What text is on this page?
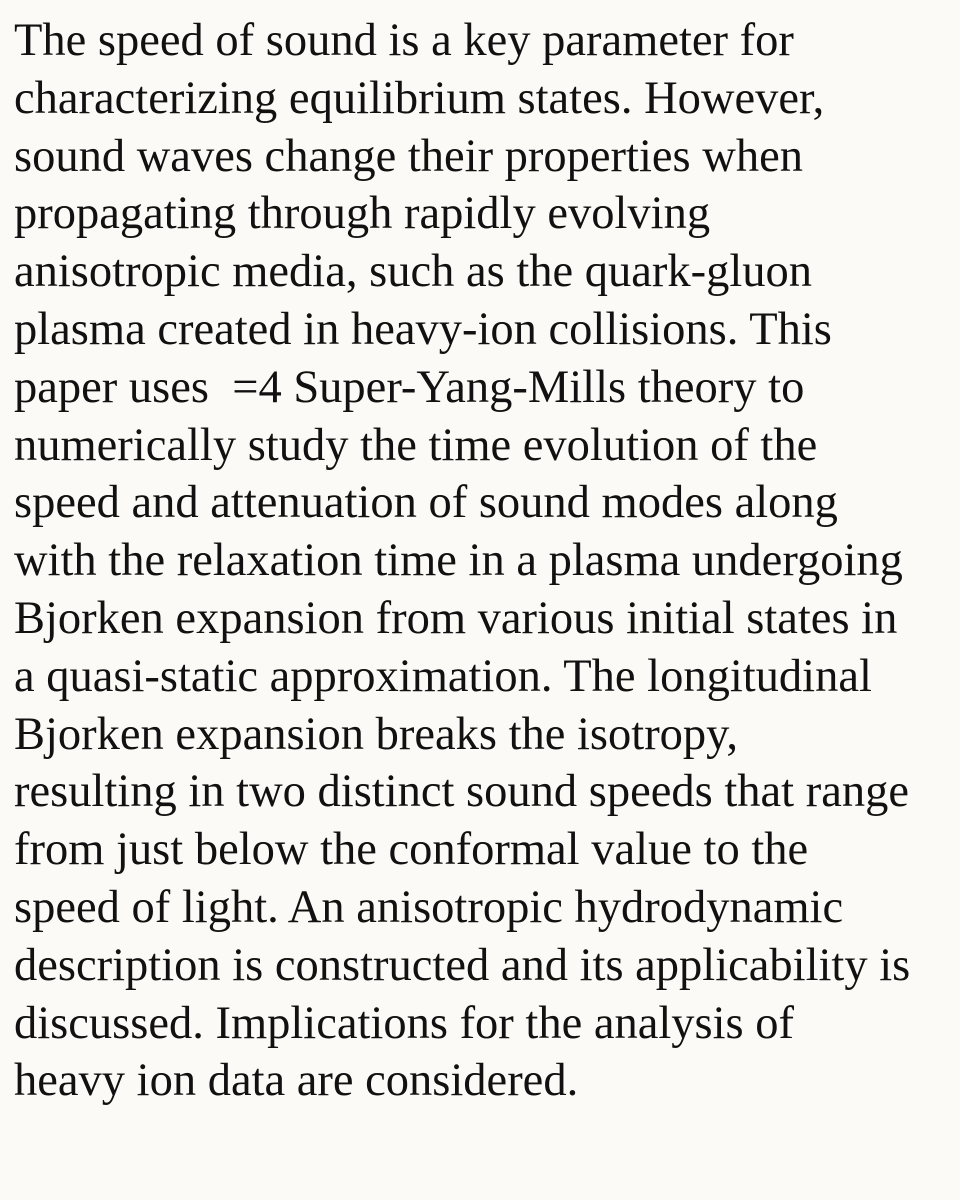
The speed of sound is a key parameter for
characterizing equilibrium states. However,
sound waves change their properties when
propagating through rapidly evolving
anisotropic media, such as the quark-gluon
plasma created in heavy-ion collisions. This
paper uses  =4 Super-Yang-Mills theory to
numerically study the time evolution of the
speed and attenuation of sound modes along
with the relaxation time in a plasma undergoing
Bjorken expansion from various initial states in
a quasi-static approximation. The longitudinal
Bjorken expansion breaks the isotropy,
resulting in two distinct sound speeds that range
from just below the conformal value to the
speed of light. An anisotropic hydrodynamic
description is constructed and its applicability is
discussed. Implications for the analysis of
heavy ion data are considered.
